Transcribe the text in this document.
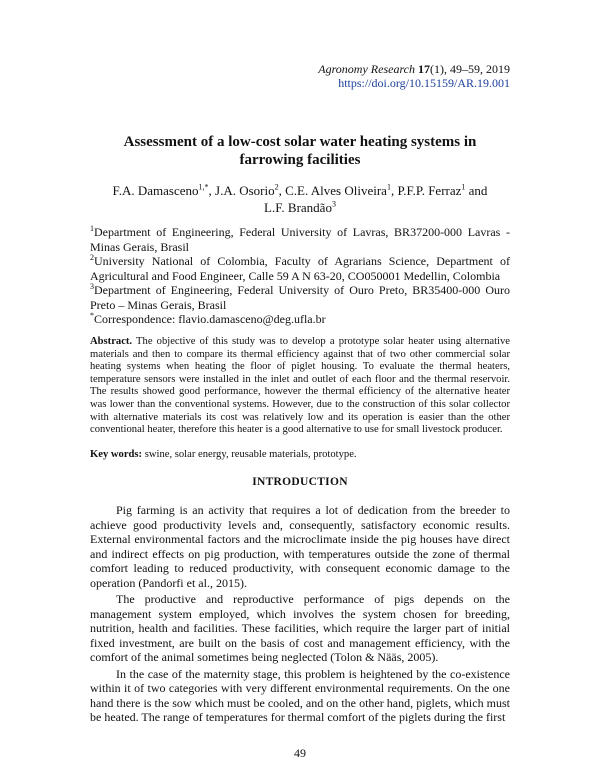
Agronomy Research 17(1), 49–59, 2019
https://doi.org/10.15159/AR.19.001
Assessment of a low-cost solar water heating systems in farrowing facilities
F.A. Damasceno$^{1,*}$, J.A. Osorio$^2$, C.E. Alves Oliveira$^1$, P.F.P. Ferraz$^1$ and
L.F. Brandão$^3$

$^1$Department of Engineering, Federal University of Lavras, BR37200-000 Lavras - Minas Gerais, Brasil

$^2$University National of Colombia, Faculty of Agrarians Science, Department of Agricultural and Food Engineer, Calle 59 A N 63-20, CO050001 Medellin, Colombia

$^3$Department of Engineering, Federal University of Ouro Preto, BR35400-000 Ouro Preto – Minas Gerais, Brasil

*Correspondence: flavio.damasceno@deg.ufla.br

Abstract. The objective of this study was to develop a prototype solar heater using alternative materials and then to compare its thermal efficiency against that of two other commercial solar heating systems when heating the floor of piglet housing. To evaluate the thermal heaters, temperature sensors were installed in the inlet and outlet of each floor and the thermal reservoir. The results showed good performance, however the thermal efficiency of the alternative heater was lower than the conventional systems. However, due to the construction of this solar collector with alternative materials its cost was relatively low and its operation is easier than the other conventional heater, therefore this heater is a good alternative to use for small livestock producer.
Key words: swine, solar energy, reusable materials, prototype.
INTRODUCTION

Pig farming is an activity that requires a lot of dedication from the breeder to achieve good productivity levels and, consequently, satisfactory economic results. External environmental factors and the microclimate inside the pig houses have direct and indirect effects on pig production, with temperatures outside the zone of thermal comfort leading to reduced productivity, with consequent economic damage to the operation (Pandorfi et al., 2015).

The productive and reproductive performance of pigs depends on the management system employed, which involves the system chosen for breeding, nutrition, health and facilities. These facilities, which require the larger part of initial fixed investment, are built on the basis of cost and management efficiency, with the comfort of the animal sometimes being neglected (Tolon & Nääs, 2005).

In the case of the maternity stage, this problem is heightened by the co-existence within it of two categories with very different environmental requirements. On the one hand there is the sow which must be cooled, and on the other hand, piglets, which must be heated. The range of temperatures for thermal comfort of the piglets during the first

49
